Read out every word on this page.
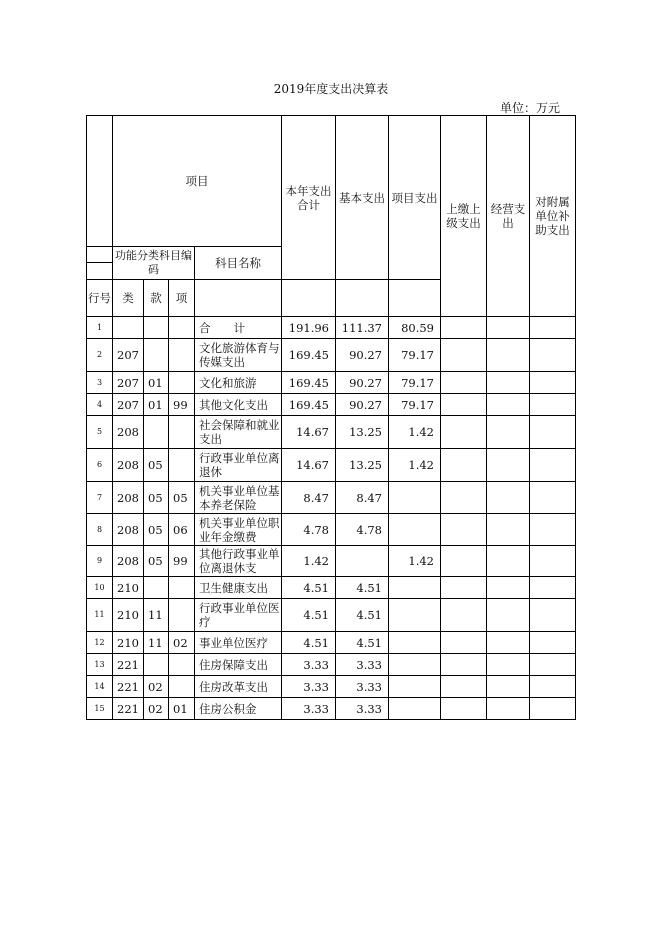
2019年度支出决算表
单位：万元
	项目				本年支出合计	基本支出	项目支出	上缴上级支出	经营支出	对附属单位补助支出
	功能分类科目编码			科目名称						

行号	类	款	项							
1				合　　计	191.96	111.37	80.59			
2	207			文化旅游体育与传媒支出	169.45	90.27	79.17			
3	207	01		文化和旅游	169.45	90.27	79.17			
4	207	01	99	其他文化支出	169.45	90.27	79.17			
5	208			社会保障和就业支出	14.67	13.25	1.42			
6	208	05		行政事业单位离退休	14.67	13.25	1.42			
7	208	05	05	机关事业单位基本养老保险	8.47	8.47				
8	208	05	06	机关事业单位职业年金缴费	4.78	4.78				
9	208	05	99	其他行政事业单位离退休支	1.42		1.42			
10	210			卫生健康支出	4.51	4.51				
11	210	11		行政事业单位医疗	4.51	4.51				
12	210	11	02	事业单位医疗	4.51	4.51				
13	221			住房保障支出	3.33	3.33				
14	221	02		住房改革支出	3.33	3.33				
15	221	02	01	住房公积金	3.33	3.33				
